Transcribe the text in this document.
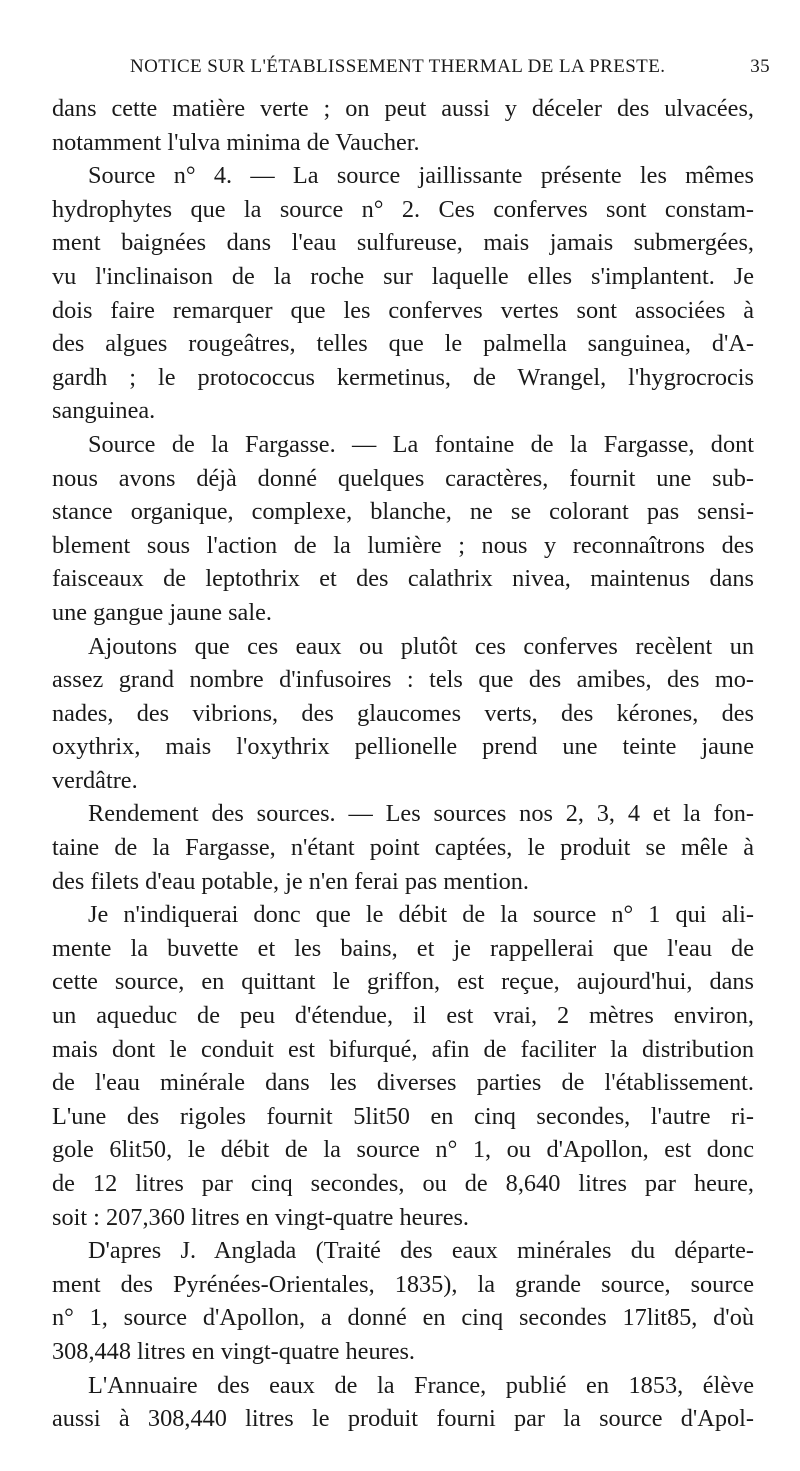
NOTICE SUR L'ÉTABLISSEMENT THERMAL DE LA PRESTE.	35
dans cette matière verte ; on peut aussi y déceler des ulvacées,
notamment l'ulva minima de Vaucher.
Source n° 4. — La source jaillissante présente les mêmes
hydrophytes que la source n° 2. Ces conferves sont constam-
ment baignées dans l'eau sulfureuse, mais jamais submergées,
vu l'inclinaison de la roche sur laquelle elles s'implantent. Je
dois faire remarquer que les conferves vertes sont associées à
des algues rougeâtres, telles que le palmella sanguinea, d'A-
gardh ; le protococcus kermetinus, de Wrangel, l'hygrocrocis
sanguinea.
Source de la Fargasse. — La fontaine de la Fargasse, dont
nous avons déjà donné quelques caractères, fournit une sub-
stance organique, complexe, blanche, ne se colorant pas sensi-
blement sous l'action de la lumière ; nous y reconnaîtrons des
faisceaux de leptothrix et des calathrix nivea, maintenus dans
une gangue jaune sale.
Ajoutons que ces eaux ou plutôt ces conferves recèlent un
assez grand nombre d'infusoires : tels que des amibes, des mo-
nades, des vibrions, des glaucomes verts, des kérones, des
oxythrix, mais l'oxythrix pellionelle prend une teinte jaune
verdâtre.
Rendement des sources. — Les sources nos 2, 3, 4 et la fon-
taine de la Fargasse, n'étant point captées, le produit se mêle à
des filets d'eau potable, je n'en ferai pas mention.
Je n'indiquerai donc que le débit de la source n° 1 qui ali-
mente la buvette et les bains, et je rappellerai que l'eau de
cette source, en quittant le griffon, est reçue, aujourd'hui, dans
un aqueduc de peu d'étendue, il est vrai, 2 mètres environ,
mais dont le conduit est bifurqué, afin de faciliter la distribution
de l'eau minérale dans les diverses parties de l'établissement.
L'une des rigoles fournit 5lit50 en cinq secondes, l'autre ri-
gole 6lit50, le débit de la source n° 1, ou d'Apollon, est donc
de 12 litres par cinq secondes, ou de 8,640 litres par heure,
soit : 207,360 litres en vingt-quatre heures.
D'apres J. Anglada (Traité des eaux minérales du départe-
ment des Pyrénées-Orientales, 1835), la grande source, source
n° 1, source d'Apollon, a donné en cinq secondes 17lit85, d'où
308,448 litres en vingt-quatre heures.
L'Annuaire des eaux de la France, publié en 1853, élève
aussi à 308,440 litres le produit fourni par la source d'Apol-
